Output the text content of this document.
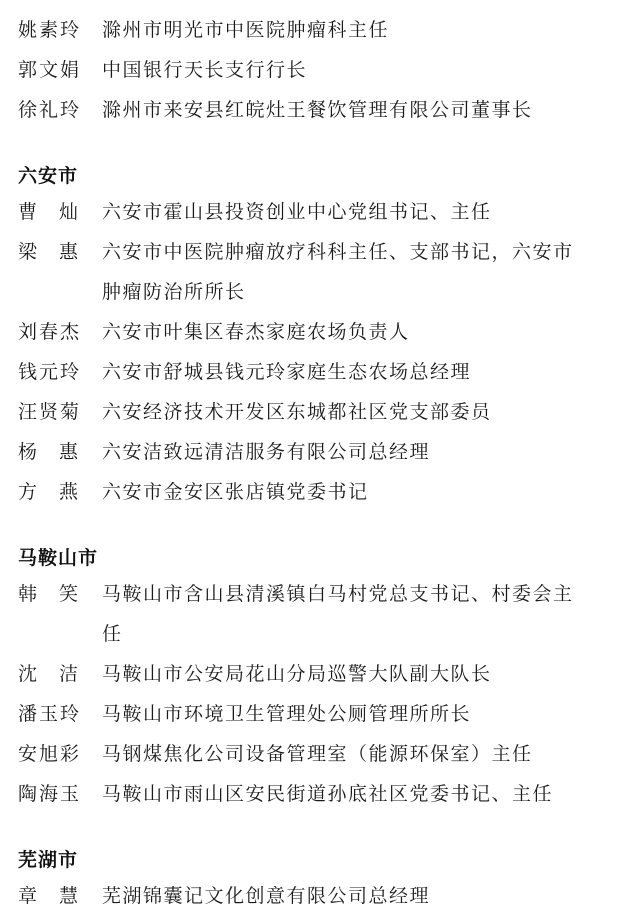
姚素玲 滁州市明光市中医院肿瘤科主任
郭文娟 中国银行天长支行行长
徐礼玲 滁州市来安县红皖灶王餐饮管理有限公司董事长
六安市
曹 灿 六安市霍山县投资创业中心党组书记、主任
梁 惠 六安市中医院肿瘤放疗科科主任、支部书记，六安市肿瘤防治所所长
刘春杰 六安市叶集区春杰家庭农场负责人
钱元玲 六安市舒城县钱元玲家庭生态农场总经理
汪贤菊 六安经济技术开发区东城都社区党支部委员
杨 惠 六安洁致远清洁服务有限公司总经理
方 燕 六安市金安区张店镇党委书记
马鞍山市
韩 笑 马鞍山市含山县清溪镇白马村党总支书记、村委会主任
沈 洁 马鞍山市公安局花山分局巡警大队副大队长
潘玉玲 马鞍山市环境卫生管理处公厕管理所所长
安旭彩 马钢煤焦化公司设备管理室（能源环保室）主任
陶海玉 马鞍山市雨山区安民街道孙底社区党委书记、主任
芜湖市
章 慧 芜湖锦囊记文化创意有限公司总经理
